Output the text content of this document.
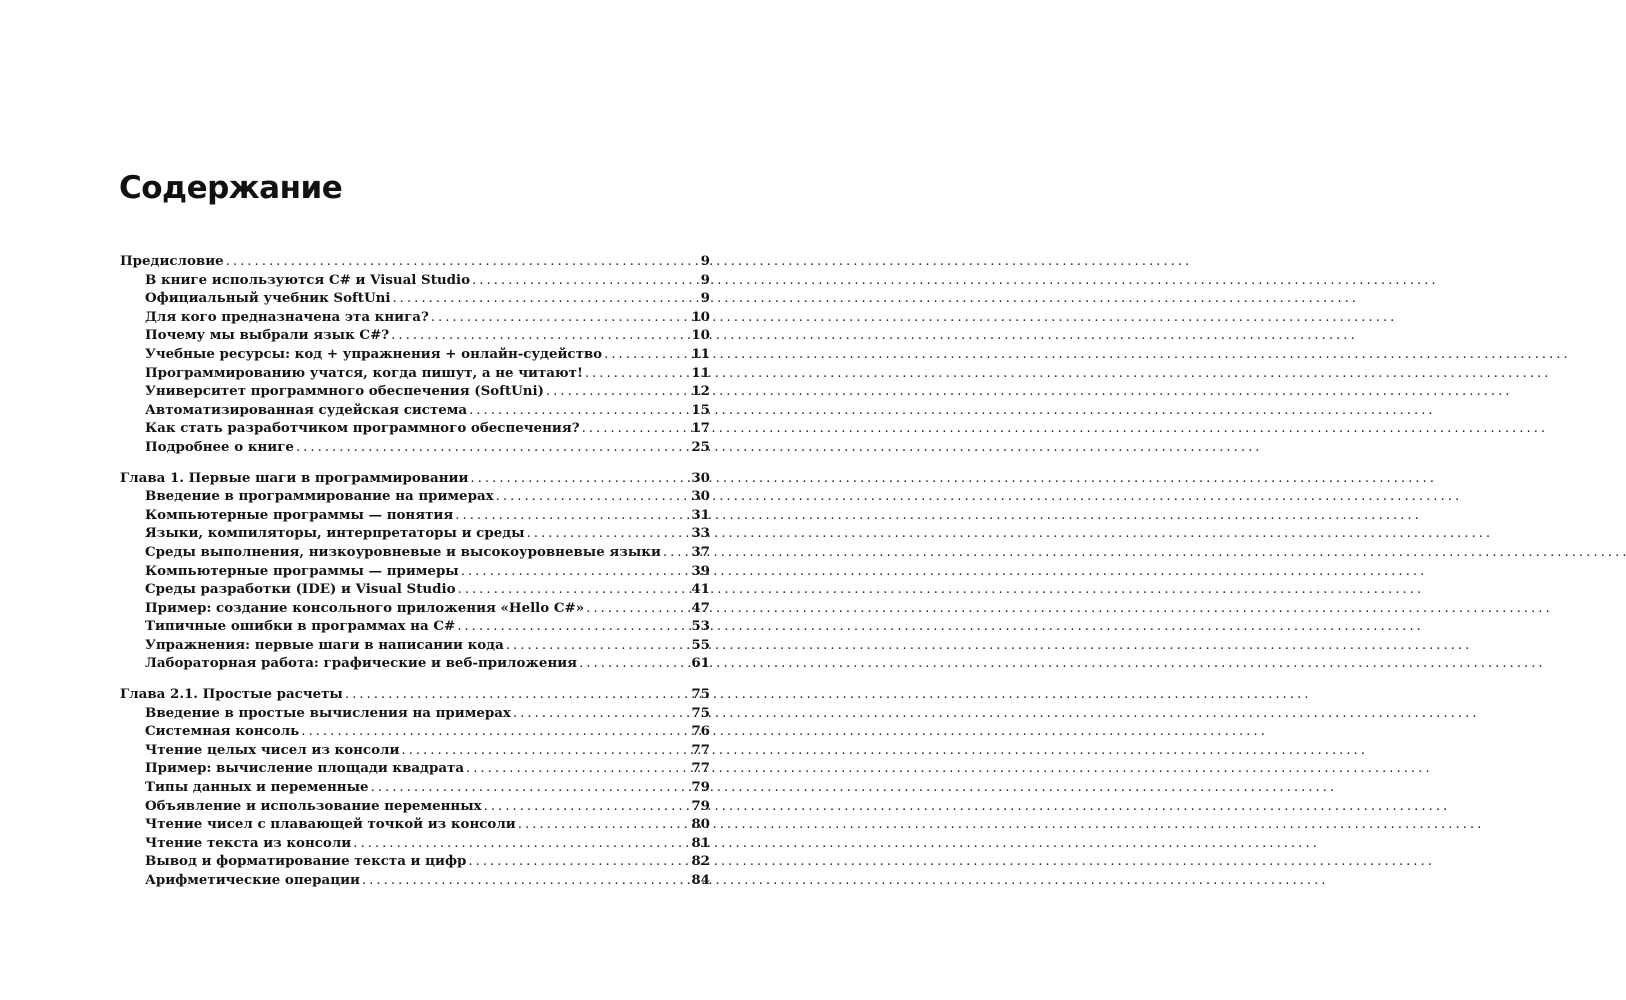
Содержание
Предисловие . . .	9
В книге используются C# и Visual Studio . . .	9
Официальный учебник SoftUni . . .	9
Для кого предназначена эта книга? . . .	10
Почему мы выбрали язык C#? . . .	10
Учебные ресурсы: код + упражнения + онлайн-судейство . . .	11
Программированию учатся, когда пишут, а не читают! . . .	11
Университет программного обеспечения (SoftUni) . . .	12
Автоматизированная судейская система . . .	15
Как стать разработчиком программного обеспечения? . . .	17
Подробнее о книге . . .	25
Глава 1. Первые шаги в программировании . . .	30
Введение в программирование на примерах . . .	30
Компьютерные программы — понятия . . .	31
Языки, компиляторы, интерпретаторы и среды . . .	33
Среды выполнения, низкоуровневые и высокоуровневые языки . . . 37
Компьютерные программы — примеры . . .	39
Среды разработки (IDE) и Visual Studio . . .	41
Пример: создание консольного приложения «Hello C#» . . .	47
Типичные ошибки в программах на C# . . .	53
Упражнения: первые шаги в написании кода . . .	55
Лабораторная работа: графические и веб-приложения . . .	61
Глава 2.1. Простые расчеты . . .	75
Введение в простые вычисления на примерах . . .	75
Системная консоль . . .	76
Чтение целых чисел из консоли . . .	77
Пример: вычисление площади квадрата . . .	77
Типы данных и переменные . . .	79
Объявление и использование переменных . . .	79
Чтение чисел с плавающей точкой из консоли . . .	80
Чтение текста из консоли . . .	81
Вывод и форматирование текста и цифр . . .	82
Арифметические операции . . .	84
